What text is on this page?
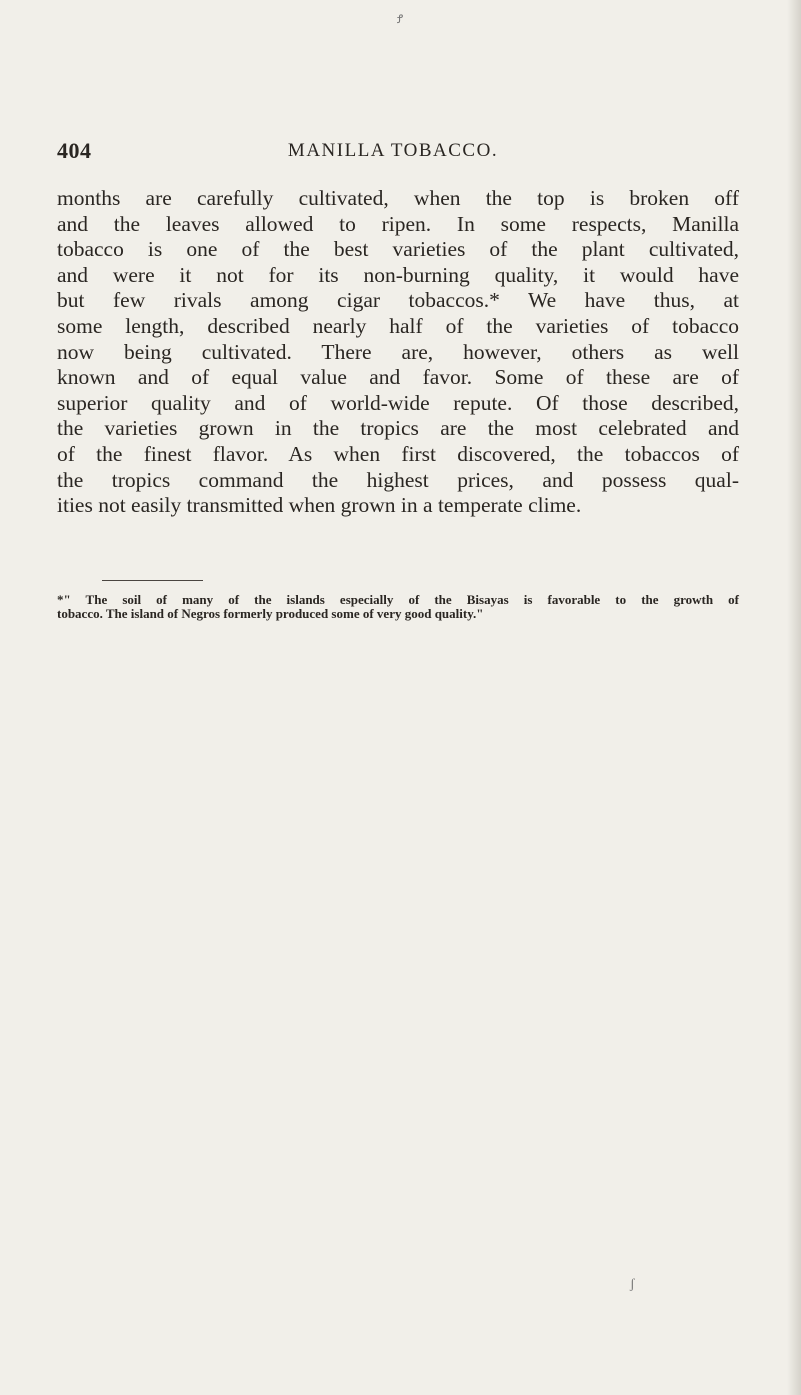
Ꝭ
404	MANILLA TOBACCO.
months are carefully cultivated, when the top is broken off
and the leaves allowed to ripen. In some respects, Manilla
tobacco is one of the best varieties of the plant cultivated,
and were it not for its non-burning quality, it would have
but few rivals among cigar tobaccos.* We have thus, at
some length, described nearly half of the varieties of tobacco
now being cultivated. There are, however, others as well
known and of equal value and favor. Some of these are of
superior quality and of world-wide repute. Of those described,
the varieties grown in the tropics are the most celebrated and
of the finest flavor. As when first discovered, the tobaccos of
the tropics command the highest prices, and possess qual-
ities not easily transmitted when grown in a temperate clime.
*" The soil of many of the islands especially of the Bisayas is favorable to the growth of
tobacco. The island of Negros formerly produced some of very good quality."
ʃ
